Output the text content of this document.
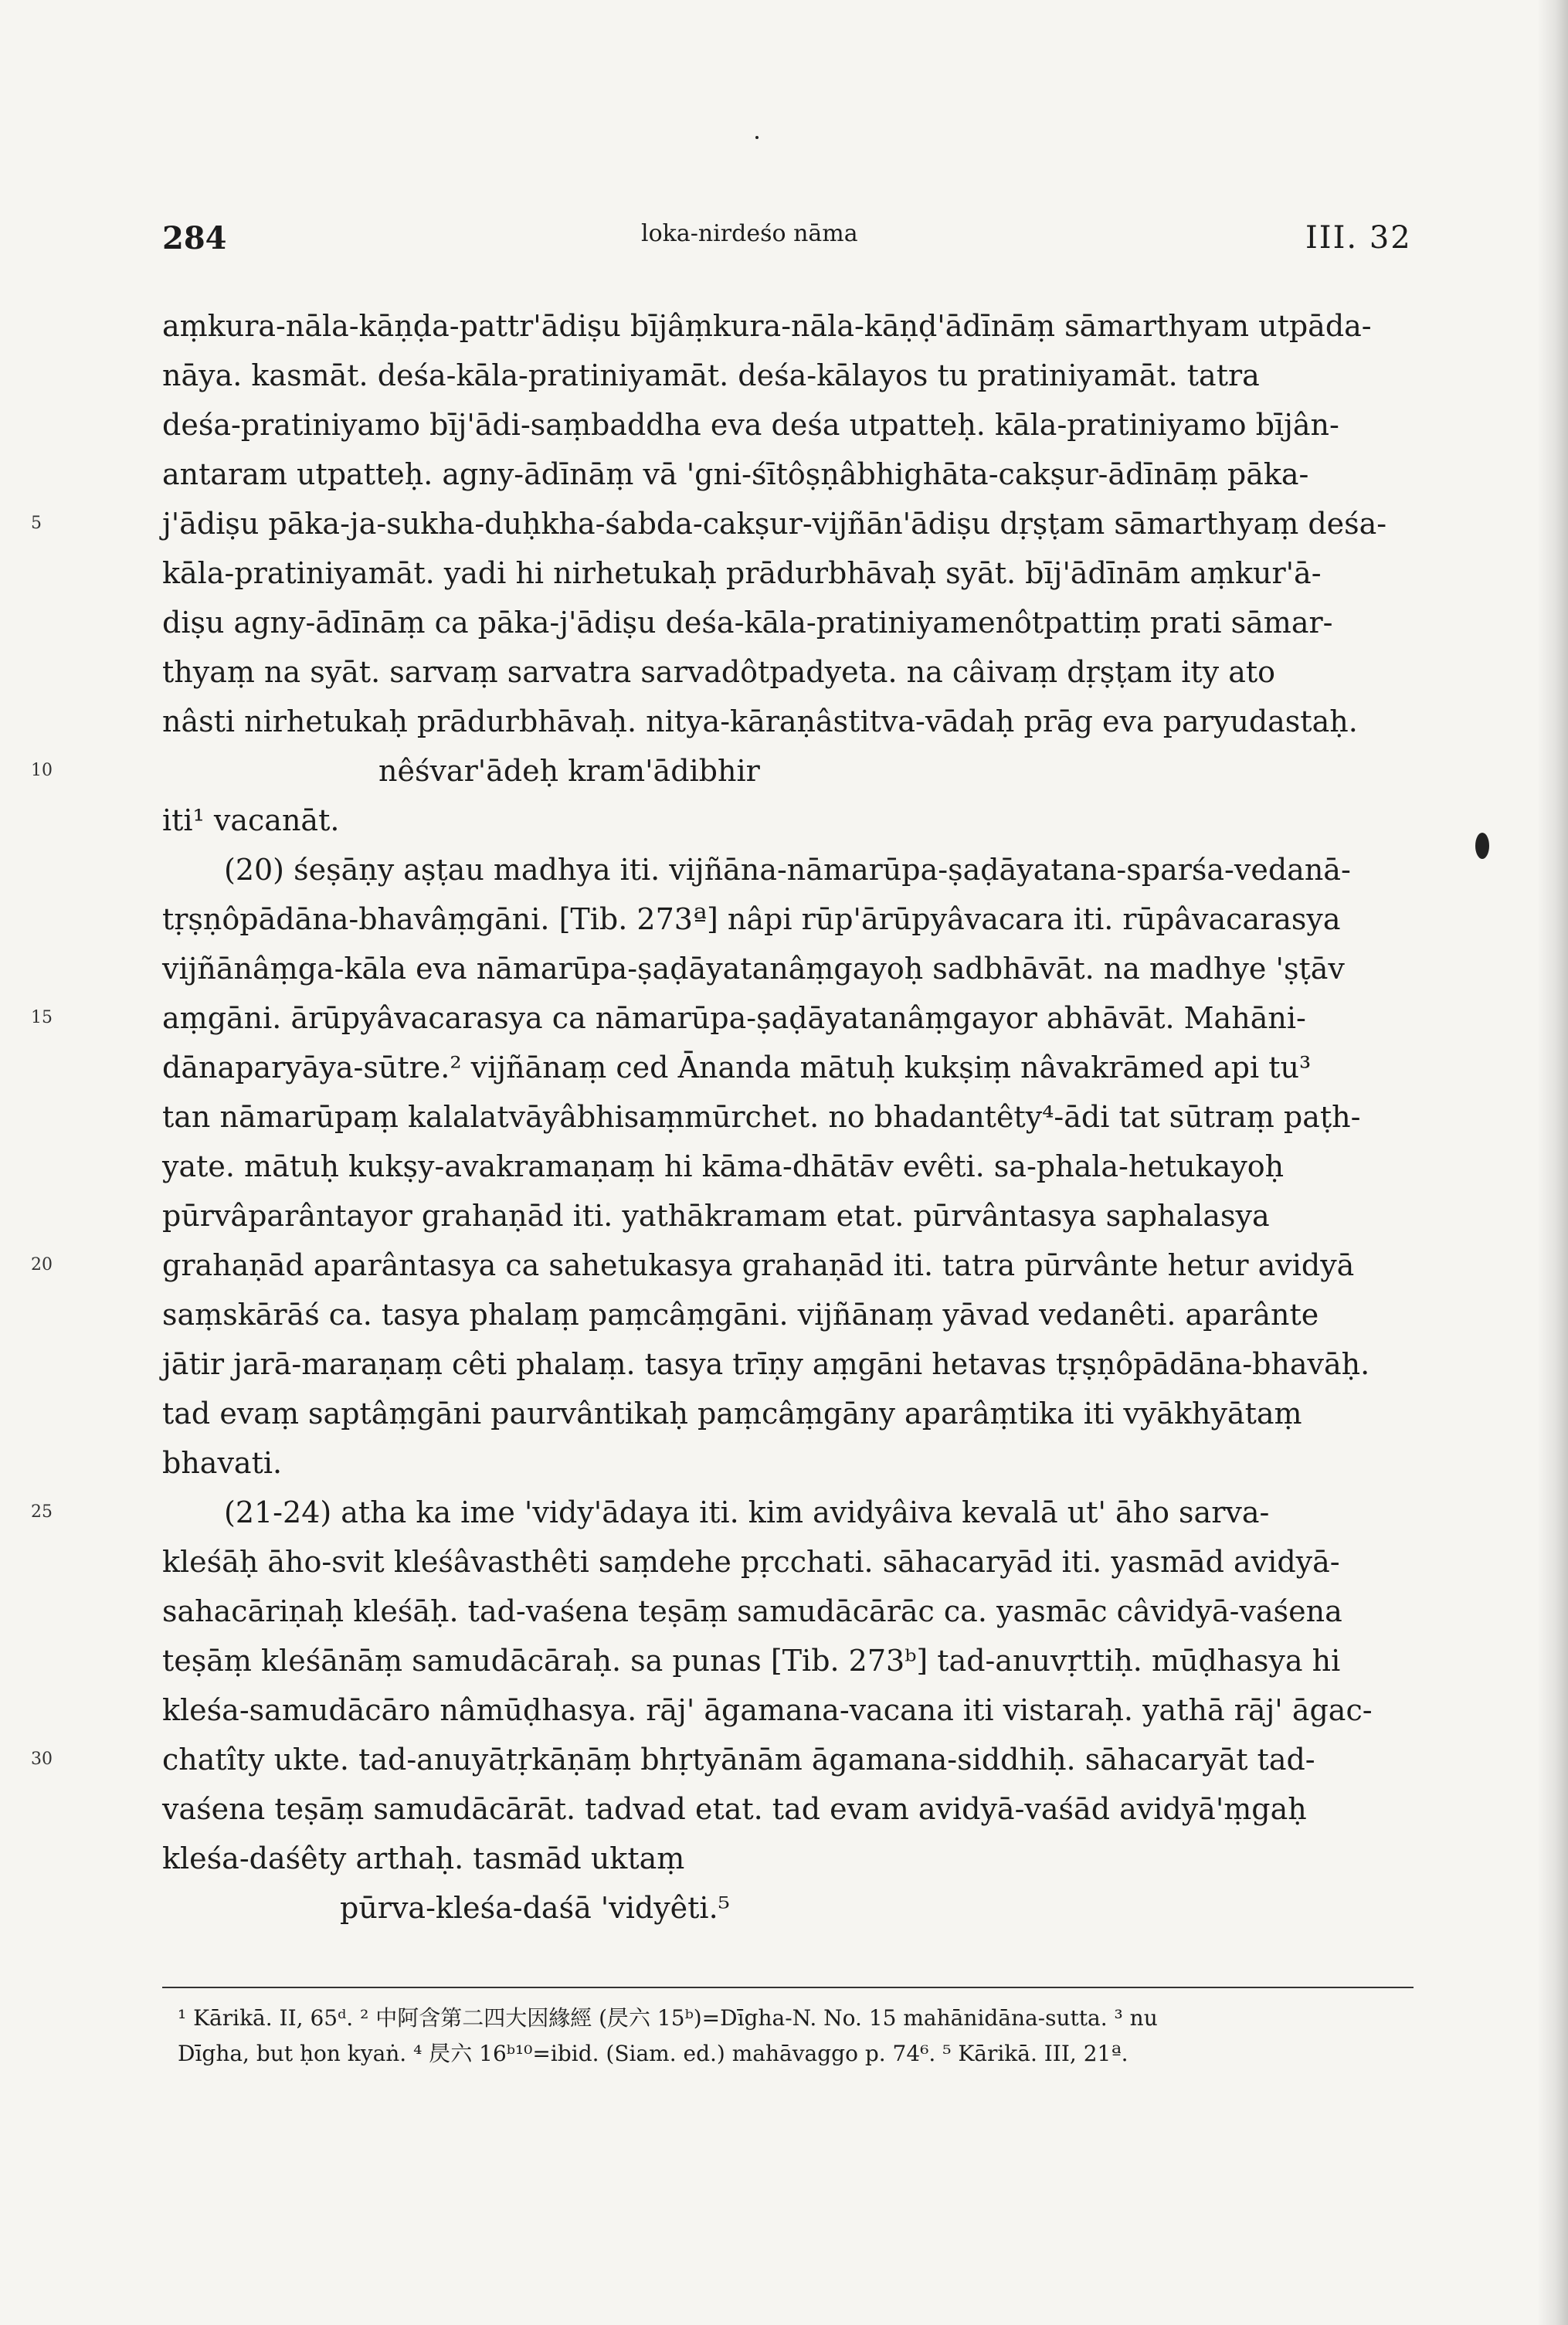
284	loka-nirdeśo nāma	III. 32
aṃkura-nāla-kāṇḍa-pattr'ādiṣu bījâṃkura-nāla-kāṇḍ'ādīnāṃ sāmarthyam utpāda-
nāya. kasmāt. deśa-kāla-pratiniyamāt. deśa-kālayos tu pratiniyamāt. tatra
deśa-pratiniyamo bīj'ādi-saṃbaddha eva deśa utpatteḥ. kāla-pratiniyamo bījân-
antaram utpatteḥ. agny-ādīnāṃ vā 'gni-śītôṣṇâbhighāta-cakṣur-ādīnāṃ pāka-
5	j'ādiṣu pāka-ja-sukha-duḥkha-śabda-cakṣur-vijñān'ādiṣu dṛṣṭam sāmarthyaṃ deśa-
kāla-pratiniyamāt. yadi hi nirhetukaḥ prādurbhāvaḥ syāt. bīj'ādīnām aṃkur'ā-
diṣu agny-ādīnāṃ ca pāka-j'ādiṣu deśa-kāla-pratiniyamenôtpattiṃ prati sāmar-
thyaṃ na syāt. sarvaṃ sarvatra sarvadôtpadyeta. na câivaṃ dṛṣṭam ity ato
nâsti nirhetukaḥ prādurbhāvaḥ. nitya-kāraṇâstitva-vādaḥ prāg eva paryudastaḥ.
10	nêśvar'ādeḥ kram'ādibhir
iti¹ vacanāt.
(20) śeṣāṇy aṣṭau madhya iti. vijñāna-nāmarūpa-ṣaḍāyatana-sparśa-vedanā-
tṛṣṇôpādāna-bhavâṃgāni. [Tib. 273ª] nâpi rūp'ārūpyâvacara iti. rūpâvacarasya
vijñānâṃga-kāla eva nāmarūpa-ṣaḍāyatanâṃgayoḥ sadbhāvāt. na madhye 'ṣṭāv
15	aṃgāni. ārūpyâvacarasya ca nāmarūpa-ṣaḍāyatanâṃgayor abhāvāt. Mahāni-
dānaparyāya-sūtre.² vijñānaṃ ced Ānanda mātuḥ kukṣiṃ nâvakrāmed api tu³
tan nāmarūpaṃ kalalatvāyâbhisaṃmūrchet. no bhadantêty⁴-ādi tat sūtraṃ paṭh-
yate. mātuḥ kukṣy-avakramaṇaṃ hi kāma-dhātāv evêti. sa-phala-hetukayoḥ
pūrvâparântayor grahaṇād iti. yathākramam etat. pūrvântasya saphalasya
20	grahaṇād aparântasya ca sahetukasya grahaṇād iti. tatra pūrvânte hetur avidyā
saṃskārāś ca. tasya phalaṃ paṃcâṃgāni. vijñānaṃ yāvad vedanêti. aparânte
jātir jarā-maraṇaṃ cêti phalaṃ. tasya trīṇy aṃgāni hetavas tṛṣṇôpādāna-bhavāḥ.
tad evaṃ saptâṃgāni paurvântikaḥ paṃcâṃgāny aparâṃtika iti vyākhyātaṃ
bhavati.
25	(21-24) atha ka ime 'vidy'ādaya iti. kim avidyâiva kevalā ut' āho sarva-
kleśāḥ āho-svit kleśâvasthêti saṃdehe pṛcchati. sāhacaryād iti. yasmād avidyā-
sahacāriṇaḥ kleśāḥ. tad-vaśena teṣāṃ samudācārāc ca. yasmāc câvidyā-vaśena
teṣāṃ kleśānāṃ samudācāraḥ. sa punas [Tib. 273ᵇ] tad-anuvṛttiḥ. mūḍhasya hi
kleśa-samudācāro nâmūḍhasya. rāj' āgamana-vacana iti vistaraḥ. yathā rāj' āgac-
30	chatîty ukte. tad-anuyātṛkāṇāṃ bhṛtyānām āgamana-siddhiḥ. sāhacaryāt tad-
vaśena teṣāṃ samudācārāt. tadvad etat. tad evam avidyā-vaśād avidyā'ṃgaḥ
kleśa-daśêty arthaḥ. tasmād uktaṃ
pūrva-kleśa-daśā 'vidyêti.⁵
¹ Kārikā. II, 65ᵈ. ² 中阿含第二四大因緣經 (昃六 15ᵇ)=Dīgha-N. No. 15 mahānidāna-sutta. ³ nu
Dīgha, but ḥon kyaṅ. ⁴ 昃六 16ᵇ¹⁰=ibid. (Siam. ed.) mahāvaggo p. 74⁶. ⁵ Kārikā. III, 21ª.
